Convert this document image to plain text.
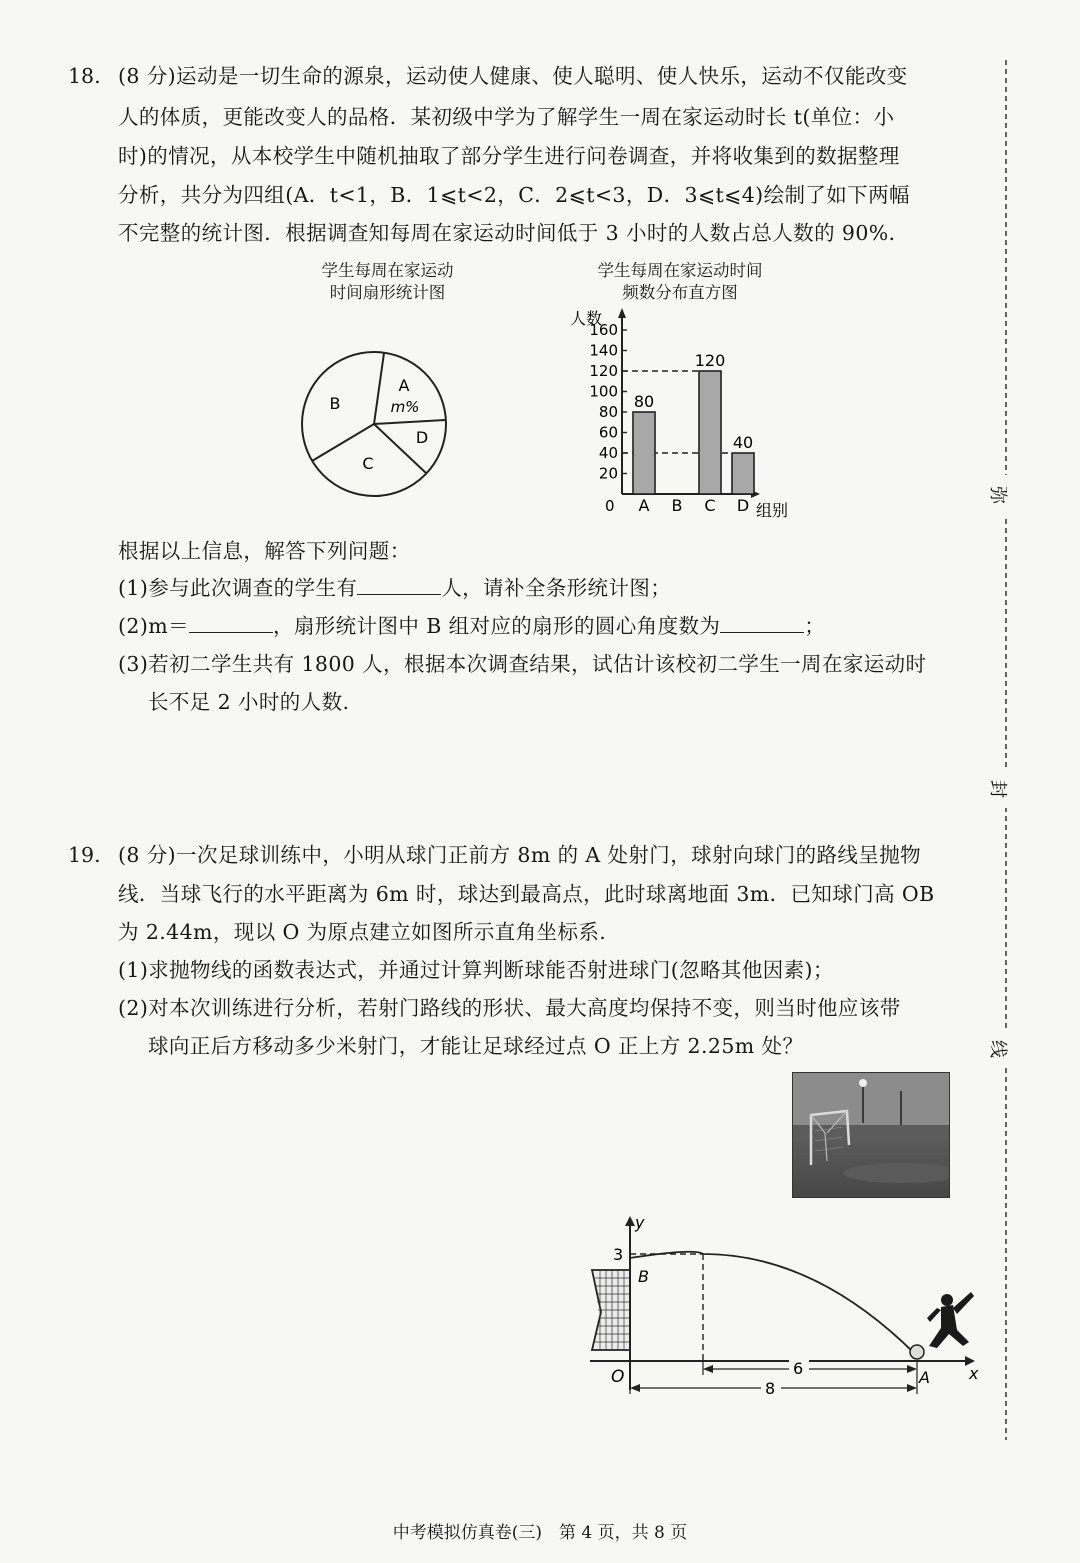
18. (8 分)运动是一切生命的源泉，运动使人健康、使人聪明、使人快乐，运动不仅能改变
人的体质，更能改变人的品格．某初级中学为了解学生一周在家运动时长 t(单位：小
时)的情况，从本校学生中随机抽取了部分学生进行问卷调查，并将收集到的数据整理
分析，共分为四组(A．t<1，B．1⩽t<2，C．2⩽t<3，D．3⩽t⩽4)绘制了如下两幅
不完整的统计图．根据调查知每周在家运动时间低于 3 小时的人数占总人数的 90%．
学生每周在家运动
时间扇形统计图
B
A
m%
D
C
学生每周在家运动时间
频数分布直方图
人数
组别
0
20
40
60
80
100
120
140
160
80
A B
120
C
40
D
根据以上信息，解答下列问题：
(1)参与此次调查的学生有	人，请补全条形统计图；
(2)m＝	，扇形统计图中 B 组对应的扇形的圆心角度数为	；
(3)若初二学生共有 1800 人，根据本次调查结果，试估计该校初二学生一周在家运动时
长不足 2 小时的人数.
19. (8 分)一次足球训练中，小明从球门正前方 8m 的 A 处射门，球射向球门的路线呈抛物
线．当球飞行的水平距离为 6m 时，球达到最高点，此时球离地面 3m．已知球门高 OB
为 2.44m，现以 O 为原点建立如图所示直角坐标系.
(1)求抛物线的函数表达式，并通过计算判断球能否射进球门(忽略其他因素)；
(2)对本次训练进行分析，若射门路线的形状、最大高度均保持不变，则当时他应该带
球向正后方移动多少米射门，才能让足球经过点 O 正上方 2.25m 处？
y
x
O
B
A
3
6
8
弥
封
线
中考模拟仿真卷(三)　第 4 页，共 8 页
